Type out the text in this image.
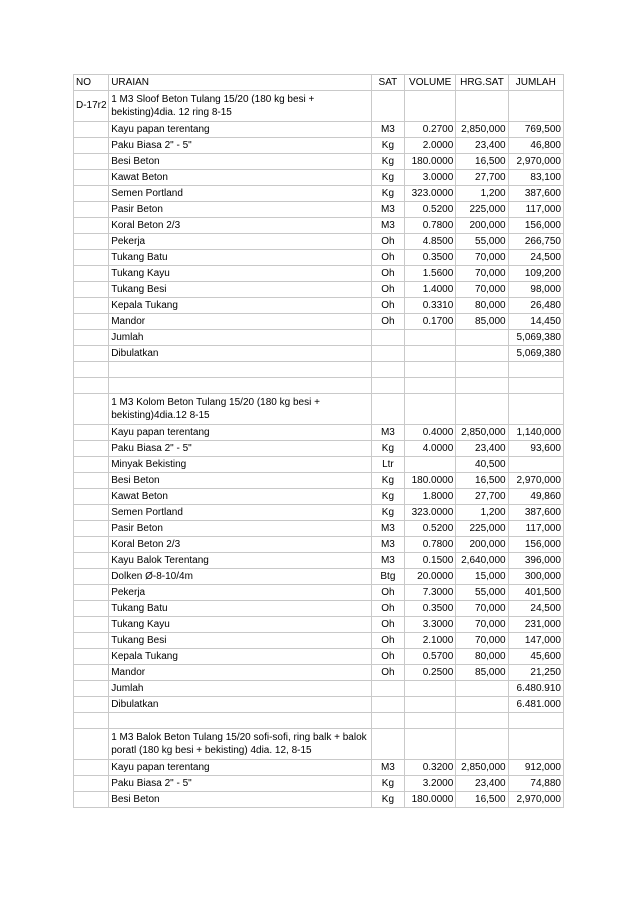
NO	URAIAN	SAT	VOLUME	HRG.SAT	JUMLAH
D-17r2	1 M3 Sloof Beton Tulang 15/20 (180 kg besi + bekisting)4dia. 12 ring 8-15				
	Kayu papan terentang	M3	0.2700	2,850,000	769,500
	Paku Biasa 2" - 5"	Kg	2.0000	23,400	46,800
	Besi Beton	Kg	180.0000	16,500	2,970,000
	Kawat Beton	Kg	3.0000	27,700	83,100
	Semen Portland	Kg	323.0000	1,200	387,600
	Pasir Beton	M3	0.5200	225,000	117,000
	Koral Beton 2/3	M3	0.7800	200,000	156,000
	Pekerja	Oh	4.8500	55,000	266,750
	Tukang Batu	Oh	0.3500	70,000	24,500
	Tukang Kayu	Oh	1.5600	70,000	109,200
	Tukang Besi	Oh	1.4000	70,000	98,000
	Kepala Tukang	Oh	0.3310	80,000	26,480
	Mandor	Oh	0.1700	85,000	14,450
	Jumlah				5,069,380
	Dibulatkan				5,069,380

	1 M3 Kolom Beton Tulang 15/20 (180 kg besi + bekisting)4dia.12 8-15				
	Kayu papan terentang	M3	0.4000	2,850,000	1,140,000
	Paku Biasa 2" - 5"	Kg	4.0000	23,400	93,600
	Minyak Bekisting	Ltr		40,500	
	Besi Beton	Kg	180.0000	16,500	2,970,000
	Kawat Beton	Kg	1.8000	27,700	49,860
	Semen Portland	Kg	323.0000	1,200	387,600
	Pasir Beton	M3	0.5200	225,000	117,000
	Koral Beton 2/3	M3	0.7800	200,000	156,000
	Kayu Balok Terentang	M3	0.1500	2,640,000	396,000
	Dolken Ø-8-10/4m	Btg	20.0000	15,000	300,000
	Pekerja	Oh	7.3000	55,000	401,500
	Tukang Batu	Oh	0.3500	70,000	24,500
	Tukang Kayu	Oh	3.3000	70,000	231,000
	Tukang Besi	Oh	2.1000	70,000	147,000
	Kepala Tukang	Oh	0.5700	80,000	45,600
	Mandor	Oh	0.2500	85,000	21,250
	Jumlah				6.480.910
	Dibulatkan				6.481.000

	1 M3 Balok Beton Tulang 15/20 sofi-sofi, ring balk + balok poratl (180 kg besi + bekisting) 4dia. 12, 8-15				
	Kayu papan terentang	M3	0.3200	2,850,000	912,000
	Paku Biasa 2" - 5"	Kg	3.2000	23,400	74,880
	Besi Beton	Kg	180.0000	16,500	2,970,000
